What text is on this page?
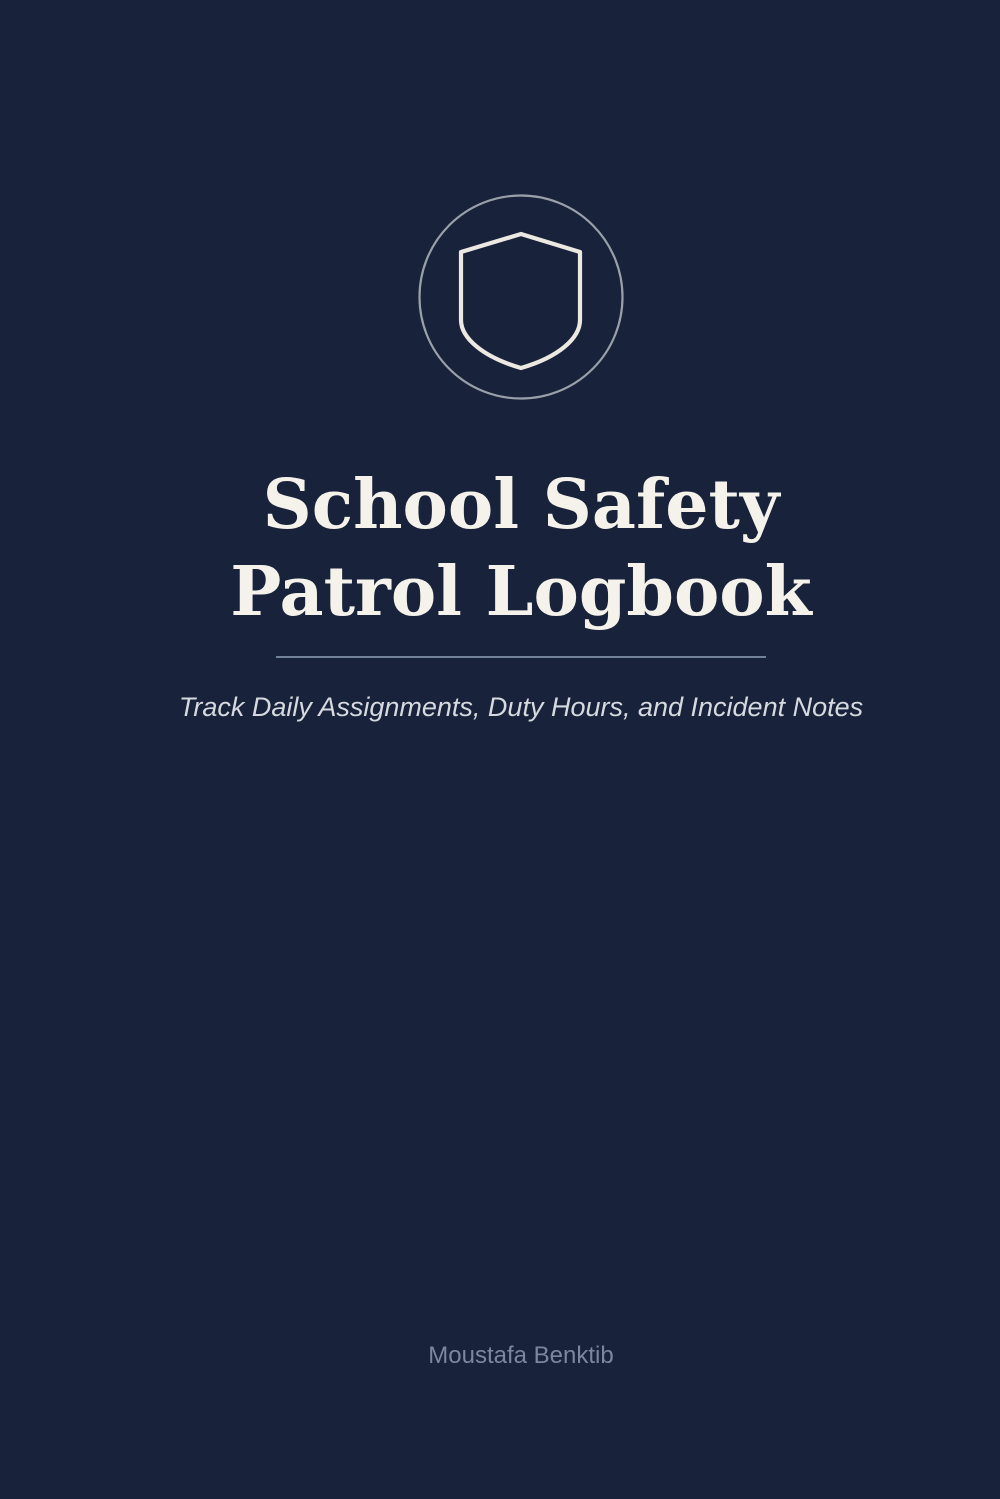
School Safety
Patrol Logbook

Track Daily Assignments, Duty Hours, and Incident Notes

Moustafa Benktib
